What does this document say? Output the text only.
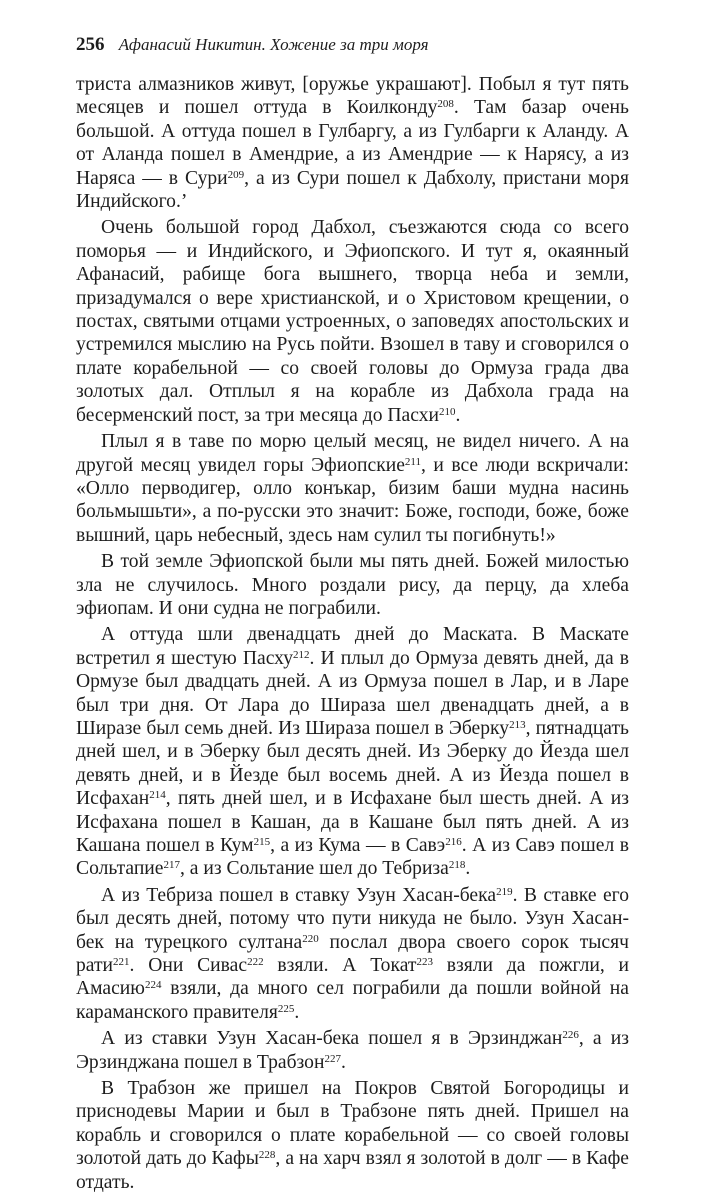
256 Афанасий Никитин. Хожение за три моря

триста алмазников живут, [оружье украшают]. Побыл я тут пять месяцев и пошел оттуда в Коилконду$^{208}$. Там базар очень большой. А оттуда пошел в Гулбаргу, а из Гулбарги к Аланду. А от Аланда пошел в Амендрие, а из Амендрие — к Нарясу, а из Наряса — в Сури$^{209}$, а из Сури пошел к Дабхолу, пристани моря Индийского.’

Очень большой город Дабхол, съезжаются сюда со всего поморья — и Индийского, и Эфиопского. И тут я, окаянный Афанасий, рабище бога вышнего, творца неба и земли, призадумался о вере христианской, и о Христовом крещении, о постах, святыми отцами устроенных, о заповедях апостольских и устремился мыслию на Русь пойти. Взошел в таву и сговорился о плате корабельной — со своей головы до Ормуза града два золотых дал. Отплыл я на корабле из Дабхола града на бесерменский пост, за три месяца до Пасхи$^{210}$.

Плыл я в таве по морю целый месяц, не видел ничего. А на другой месяц увидел горы Эфиопские$^{211}$, и все люди вскричали: «Олло перводигер, олло конъкар, бизим баши мудна насинь больмышьти», а по-русски это значит: Боже, господи, боже, боже вышний, царь небесный, здесь нам сулил ты погибнуть!»

В той земле Эфиопской были мы пять дней. Божей милостью зла не случилось. Много роздали рису, да перцу, да хлеба эфиопам. И они судна не пограбили.

А оттуда шли двенадцать дней до Маската. В Маскате встретил я шестую Пасху$^{212}$. И плыл до Ормуза девять дней, да в Ормузе был двадцать дней. А из Ормуза пошел в Лар, и в Ларе был три дня. От Лара до Шираза шел двенадцать дней, а в Ширазе был семь дней. Из Шираза пошел в Эберку$^{213}$, пятнадцать дней шел, и в Эберку был десять дней. Из Эберку до Йезда шел девять дней, и в Йезде был восемь дней. А из Йезда пошел в Исфахан$^{214}$, пять дней шел, и в Исфахане был шесть дней. А из Исфахана пошел в Кашан, да в Кашане был пять дней. А из Кашана пошел в Кум$^{215}$, а из Кума — в Савэ$^{216}$. А из Савэ пошел в Сольтапие$^{217}$, а из Сольтание шел до Тебриза$^{218}$.

А из Тебриза пошел в ставку Узун Хасан-бека$^{219}$. В ставке его был десять дней, потому что пути никуда не было. Узун Хасан-бек на турецкого султана$^{220}$ послал двора своего сорок тысяч рати$^{221}$. Они Сивас$^{222}$ взяли. А Токат$^{223}$ взяли да пожгли, и Амасию$^{224}$ взяли, да много сел пограбили да пошли войной на караманского правителя$^{225}$.

А из ставки Узун Хасан-бека пошел я в Эрзинджан$^{226}$, а из Эрзинджана пошел в Трабзон$^{227}$.

В Трабзон же пришел на Покров Святой Богородицы и приснодевы Марии и был в Трабзоне пять дней. Пришел на корабль и сговорился о плате корабельной — со своей головы золотой дать до Кафы$^{228}$, а на харч взял я золотой в долг — в Кафе отдать.
